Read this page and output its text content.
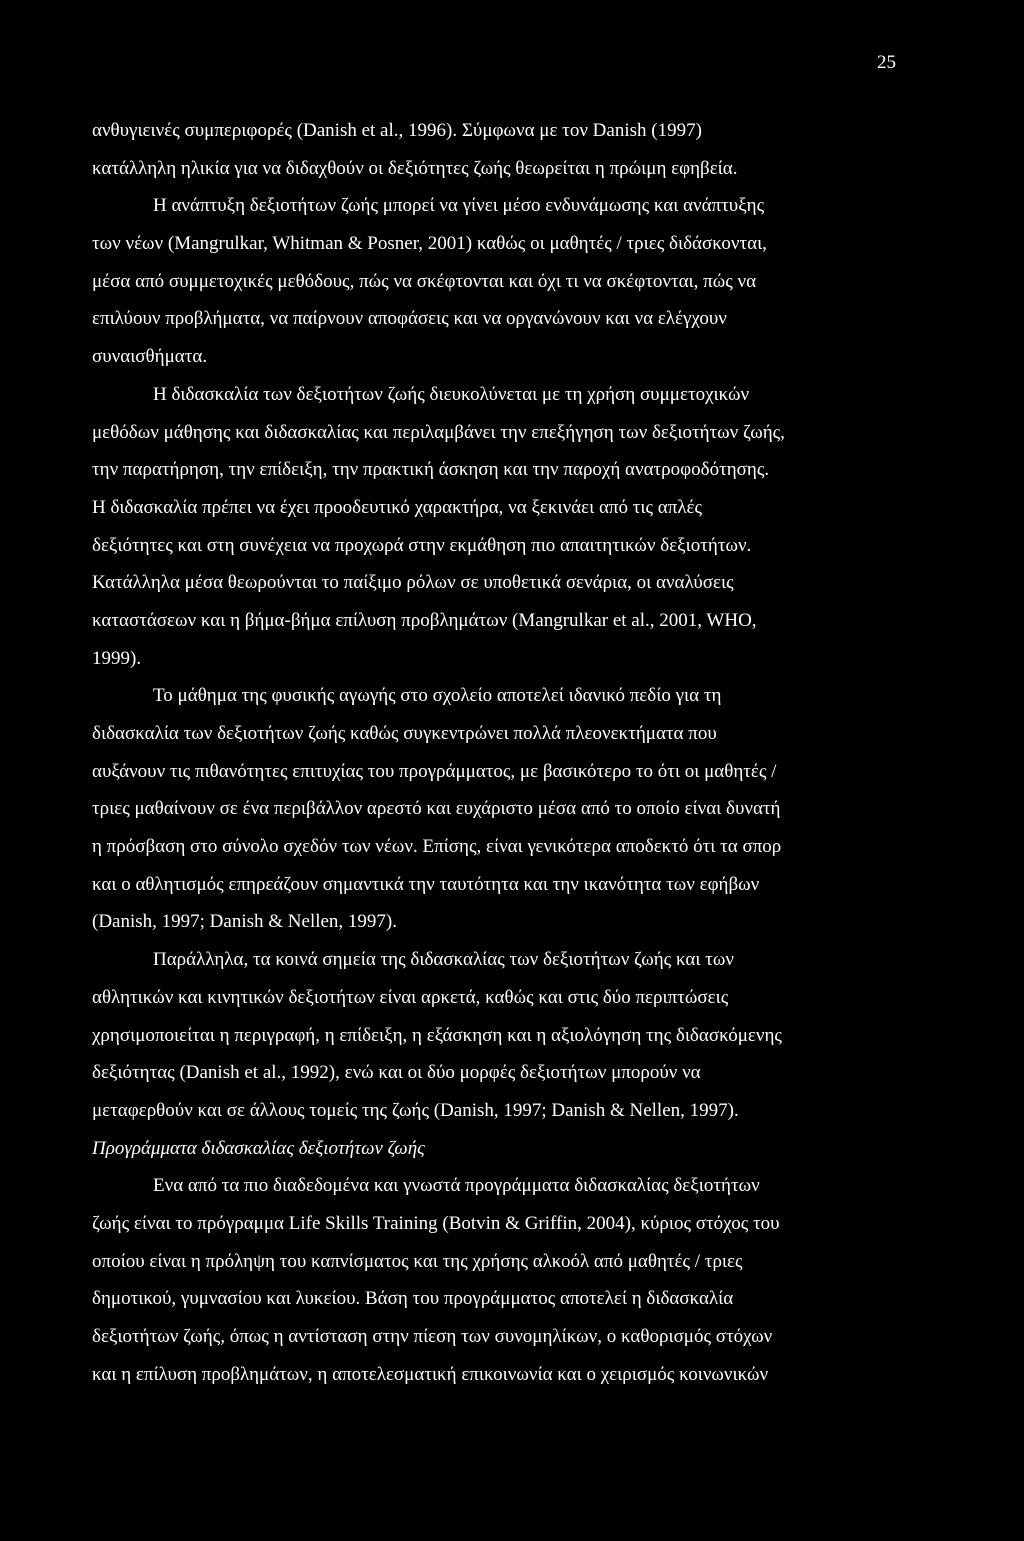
25
ανθυγιεινές συμπεριφορές (Danish et al., 1996). Σύμφωνα με τον Danish (1997)
κατάλληλη ηλικία για να διδαχθούν οι δεξιότητες ζωής θεωρείται η πρώιμη εφηβεία.
Η ανάπτυξη δεξιοτήτων ζωής μπορεί να γίνει μέσο ενδυνάμωσης και ανάπτυξης
των νέων (Mangrulkar, Whitman & Posner, 2001) καθώς οι μαθητές / τριες διδάσκονται,
μέσα από συμμετοχικές μεθόδους, πώς να σκέφτονται και όχι τι να σκέφτονται, πώς να
επιλύουν προβλήματα, να παίρνουν αποφάσεις και να οργανώνουν και να ελέγχουν
συναισθήματα.
Η διδασκαλία των δεξιοτήτων ζωής διευκολύνεται με τη χρήση συμμετοχικών
μεθόδων μάθησης και διδασκαλίας και περιλαμβάνει την επεξήγηση των δεξιοτήτων ζωής,
την παρατήρηση, την επίδειξη, την πρακτική άσκηση και την παροχή ανατροφοδότησης.
Η διδασκαλία πρέπει να έχει προοδευτικό χαρακτήρα, να ξεκινάει από τις απλές
δεξιότητες και στη συνέχεια να προχωρά στην εκμάθηση πιο απαιτητικών δεξιοτήτων.
Κατάλληλα μέσα θεωρούνται το παίξιμο ρόλων σε υποθετικά σενάρια, οι αναλύσεις
καταστάσεων και η βήμα-βήμα επίλυση προβλημάτων (Mangrulkar et al., 2001, WHO,
1999).
Το μάθημα της φυσικής αγωγής στο σχολείο αποτελεί ιδανικό πεδίο για τη
διδασκαλία των δεξιοτήτων ζωής καθώς συγκεντρώνει πολλά πλεονεκτήματα που
αυξάνουν τις πιθανότητες επιτυχίας του προγράμματος, με βασικότερο το ότι οι μαθητές /
τριες μαθαίνουν σε ένα περιβάλλον αρεστό και ευχάριστο μέσα από το οποίο είναι δυνατή
η πρόσβαση στο σύνολο σχεδόν των νέων. Επίσης, είναι γενικότερα αποδεκτό ότι τα σπορ
και ο αθλητισμός επηρεάζουν σημαντικά την ταυτότητα και την ικανότητα των εφήβων
(Danish, 1997; Danish & Nellen, 1997).
Παράλληλα, τα κοινά σημεία της διδασκαλίας των δεξιοτήτων ζωής και των
αθλητικών και κινητικών δεξιοτήτων είναι αρκετά, καθώς και στις δύο περιπτώσεις
χρησιμοποιείται η περιγραφή, η επίδειξη, η εξάσκηση και η αξιολόγηση της διδασκόμενης
δεξιότητας (Danish et al., 1992), ενώ και οι δύο μορφές δεξιοτήτων μπορούν να
μεταφερθούν και σε άλλους τομείς της ζωής (Danish, 1997; Danish & Nellen, 1997).
Προγράμματα διδασκαλίας δεξιοτήτων ζωής
Ενα από τα πιο διαδεδομένα και γνωστά προγράμματα διδασκαλίας δεξιοτήτων
ζωής είναι το πρόγραμμα Life Skills Training (Botvin & Griffin, 2004), κύριος στόχος του
οποίου είναι η πρόληψη του καπνίσματος και της χρήσης αλκοόλ από μαθητές / τριες
δημοτικού, γυμνασίου και λυκείου. Βάση του προγράμματος αποτελεί η διδασκαλία
δεξιοτήτων ζωής, όπως η αντίσταση στην πίεση των συνομηλίκων, ο καθορισμός στόχων
και η επίλυση προβλημάτων, η αποτελεσματική επικοινωνία και ο χειρισμός κοινωνικών
